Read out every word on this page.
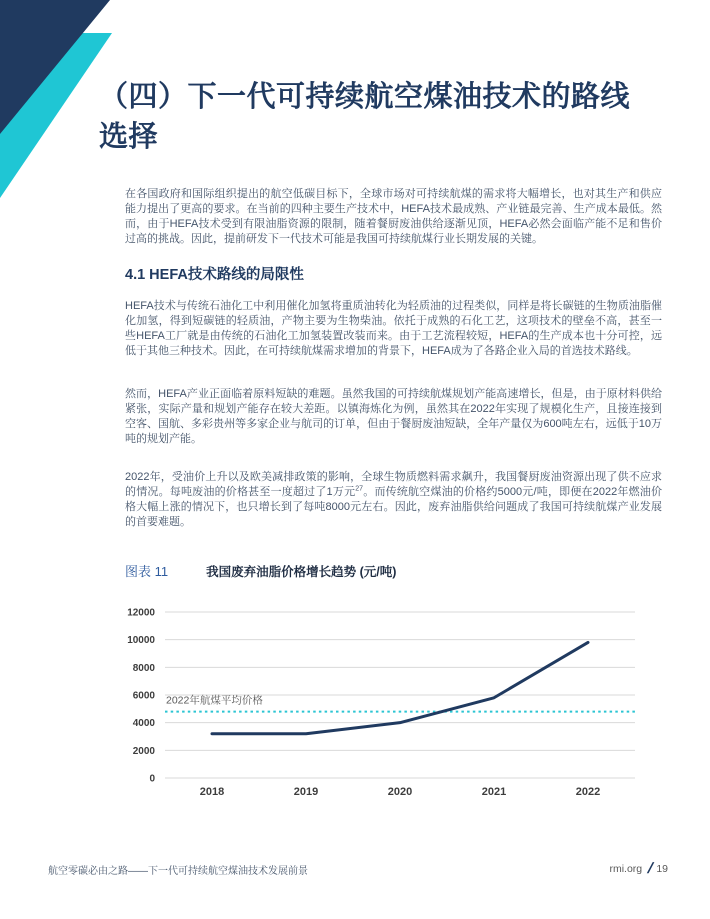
（四）下一代可持续航空煤油技术的路线
选择

在各国政府和国际组织提出的航空低碳目标下，全球市场对可持续航煤的需求将大幅增长，也对其生产和供应能力提出了更高的要求。在当前的四种主要生产技术中，HEFA技术最成熟、产业链最完善、生产成本最低。然而，由于HEFA技术受到有限油脂资源的限制，随着餐厨废油供给逐渐见顶，HEFA必然会面临产能不足和售价过高的挑战。因此，提前研发下一代技术可能是我国可持续航煤行业长期发展的关键。

4.1 HEFA技术路线的局限性

HEFA技术与传统石油化工中利用催化加氢将重质油转化为轻质油的过程类似，同样是将长碳链的生物质油脂催化加氢，得到短碳链的轻质油，产物主要为生物柴油。依托于成熟的石化工艺，这项技术的壁垒不高，甚至一些HEFA工厂就是由传统的石油化工加氢装置改装而来。由于工艺流程较短，HEFA的生产成本也十分可控，远低于其他三种技术。因此，在可持续航煤需求增加的背景下，HEFA成为了各路企业入局的首选技术路线。

然而，HEFA产业正面临着原料短缺的难题。虽然我国的可持续航煤规划产能高速增长，但是，由于原材料供给紧张，实际产量和规划产能存在较大差距。以镇海炼化为例，虽然其在2022年实现了规模化生产，且接连接到空客、国航、多彩贵州等多家企业与航司的订单，但由于餐厨废油短缺，全年产量仅为600吨左右，远低于10万吨的规划产能。

2022年，受油价上升以及欧美减排政策的影响，全球生物质燃料需求飙升，我国餐厨废油资源出现了供不应求的情况。每吨废油的价格甚至一度超过了1万元$^{27}$。而传统航空煤油的价格约5000元/吨，即便在2022年燃油价格大幅上涨的情况下，也只增长到了每吨8000元左右。因此，废弃油脂供给问题成了我国可持续航煤产业发展的首要难题。

图表 11	我国废弃油脂价格增长趋势 (元/吨)
0
2000
4000
6000
8000
10000
12000
2018	2019	2020	2021	2022
2022年航煤平均价格
航空零碳必由之路——下一代可持续航空煤油技术发展前景	rmi.org / 19
